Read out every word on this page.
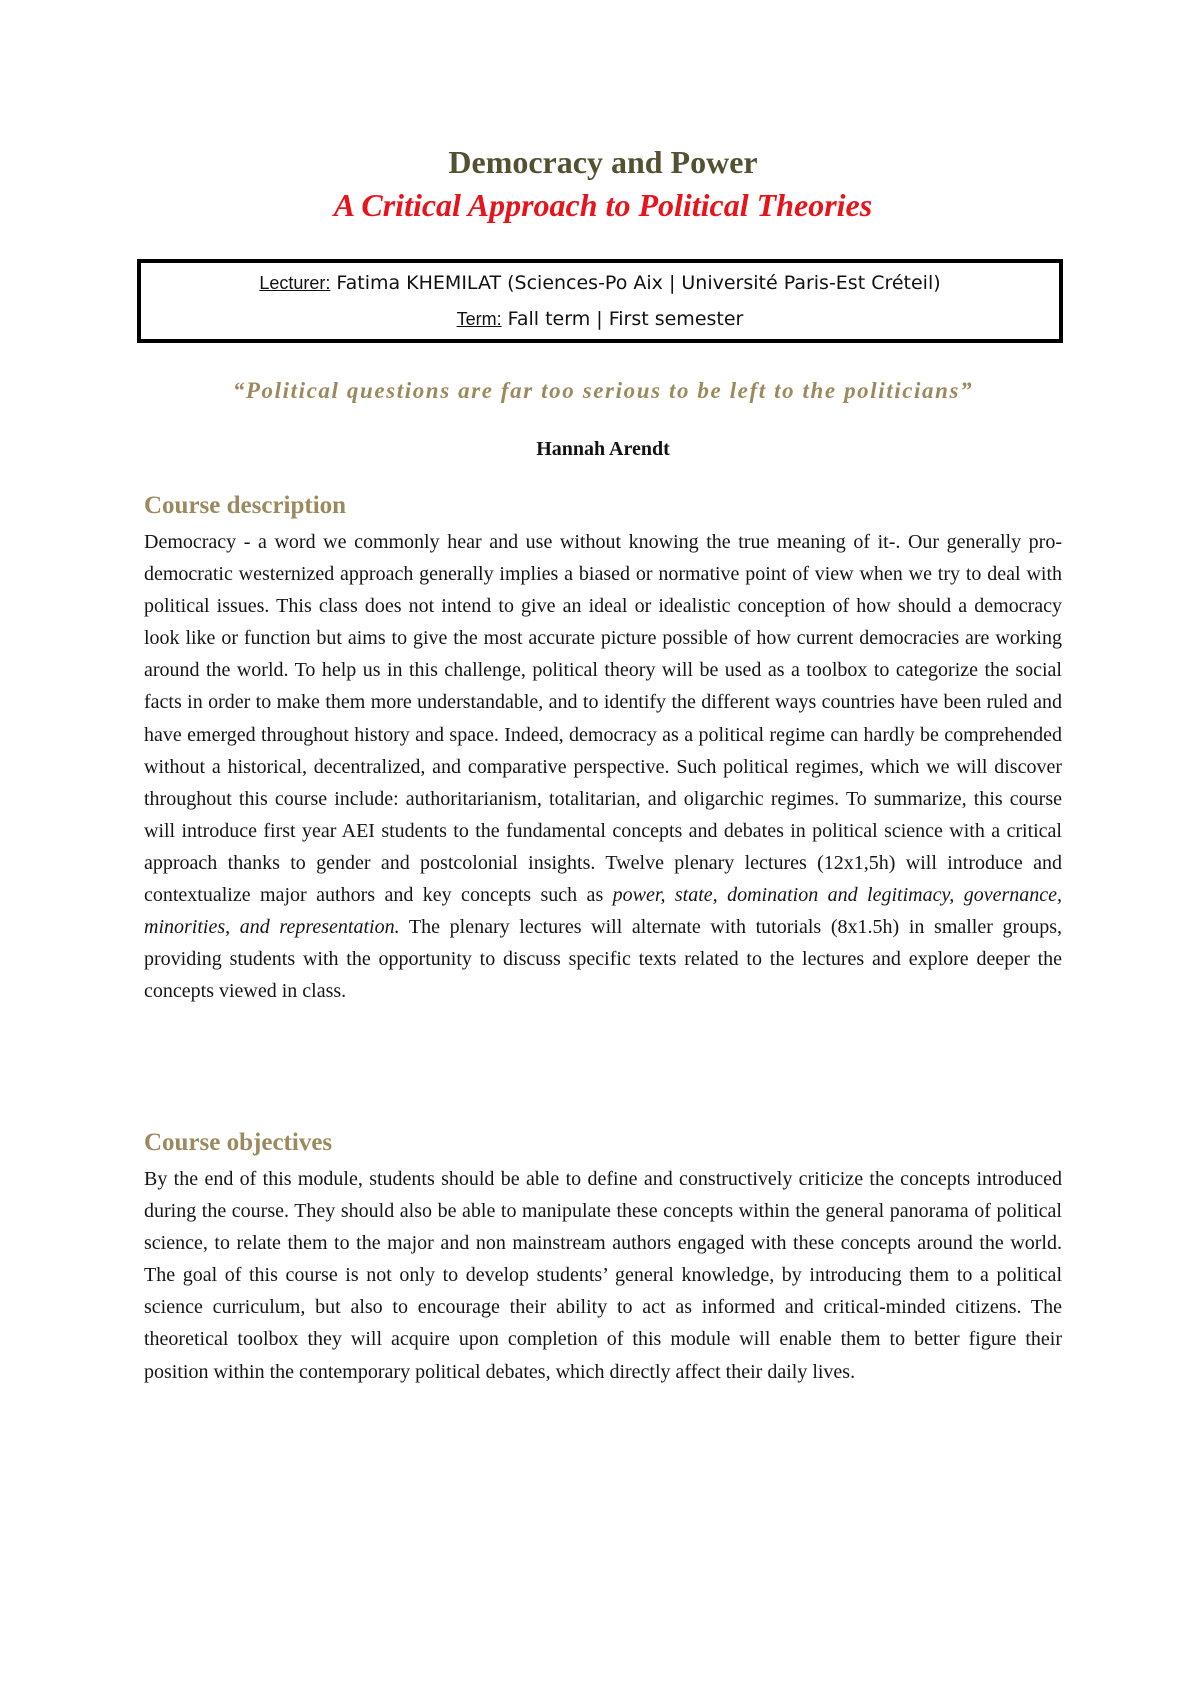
Democracy and Power
A Critical Approach to Political Theories
Lecturer: Fatima KHEMILAT (Sciences-Po Aix | Université Paris-Est Créteil)
Term: Fall term | First semester
“Political questions are far too serious to be left to the politicians”
Hannah Arendt
Course description
Democracy - a word we commonly hear and use without knowing the true meaning of it-. Our generally pro-democratic westernized approach generally implies a biased or normative point of view when we try to deal with political issues. This class does not intend to give an ideal or idealistic conception of how should a democracy look like or function but aims to give the most accurate picture possible of how current democracies are working around the world. To help us in this challenge, political theory will be used as a toolbox to categorize the social facts in order to make them more understandable, and to identify the different ways countries have been ruled and have emerged throughout history and space. Indeed, democracy as a political regime can hardly be comprehended without a historical, decentralized, and comparative perspective. Such political regimes, which we will discover throughout this course include: authoritarianism, totalitarian, and oligarchic regimes. To summarize, this course will introduce first year AEI students to the fundamental concepts and debates in political science with a critical approach thanks to gender and postcolonial insights. Twelve plenary lectures (12x1,5h) will introduce and contextualize major authors and key concepts such as power, state, domination and legitimacy, governance, minorities, and representation. The plenary lectures will alternate with tutorials (8x1.5h) in smaller groups, providing students with the opportunity to discuss specific texts related to the lectures and explore deeper the concepts viewed in class.
Course objectives
By the end of this module, students should be able to define and constructively criticize the concepts introduced during the course. They should also be able to manipulate these concepts within the general panorama of political science, to relate them to the major and non mainstream authors engaged with these concepts around the world. The goal of this course is not only to develop students’ general knowledge, by introducing them to a political science curriculum, but also to encourage their ability to act as informed and critical-minded citizens. The theoretical toolbox they will acquire upon completion of this module will enable them to better figure their position within the contemporary political debates, which directly affect their daily lives.
